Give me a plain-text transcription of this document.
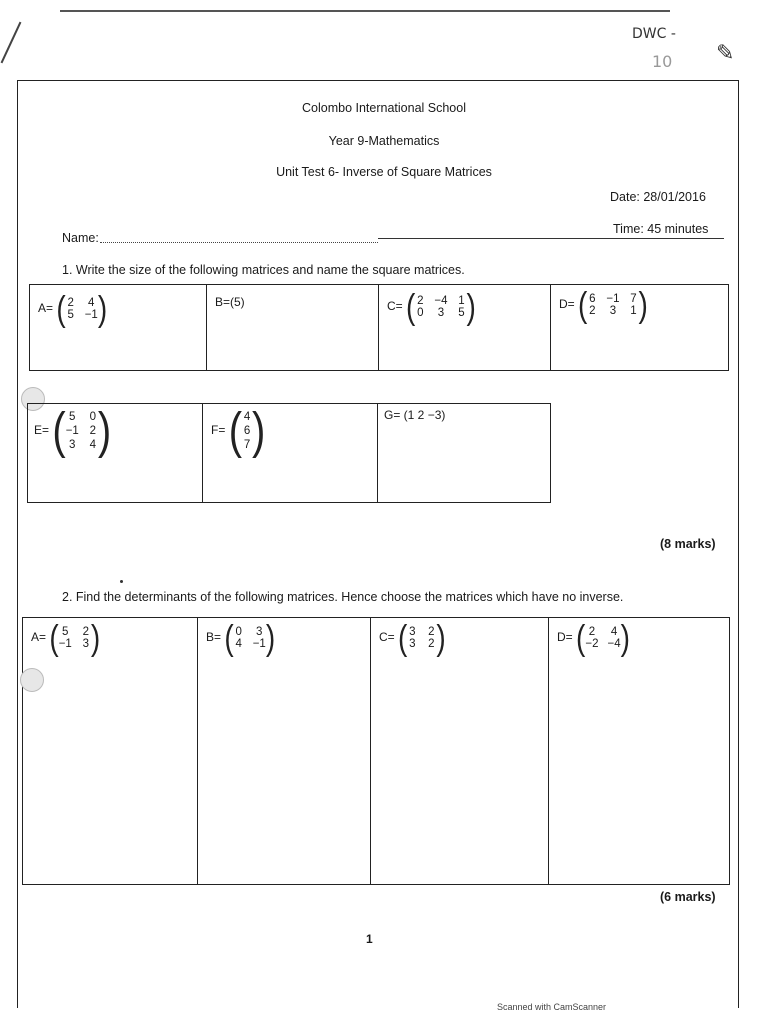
DWC -
10 ✎
Colombo International School
Year 9-Mathematics
Unit Test 6- Inverse of Square Matrices
Date: 28/01/2016
Time: 45 minutes
Name:
1. Write the size of the following matrices and name the square matrices.
A= ( 2 4
5 −1 )	B=(5)	C= ( 2 −4 1
0 3 5 )	D= ( 6 −1 7
2 3 1 )
E= ( 5 0
−1 2
3 4 )	F= ( 4
6
7 )	G= (1 2 −3)
(8 marks)
2. Find the determinants of the following matrices. Hence choose the matrices which have no inverse.
A= ( 5 2
−1 3 )	B= ( 0 3
4 −1 )	C= ( 3 2
3 2 )	D= ( 2 4
−2 −4 )
(6 marks)
1
Scanned with CamScanner
